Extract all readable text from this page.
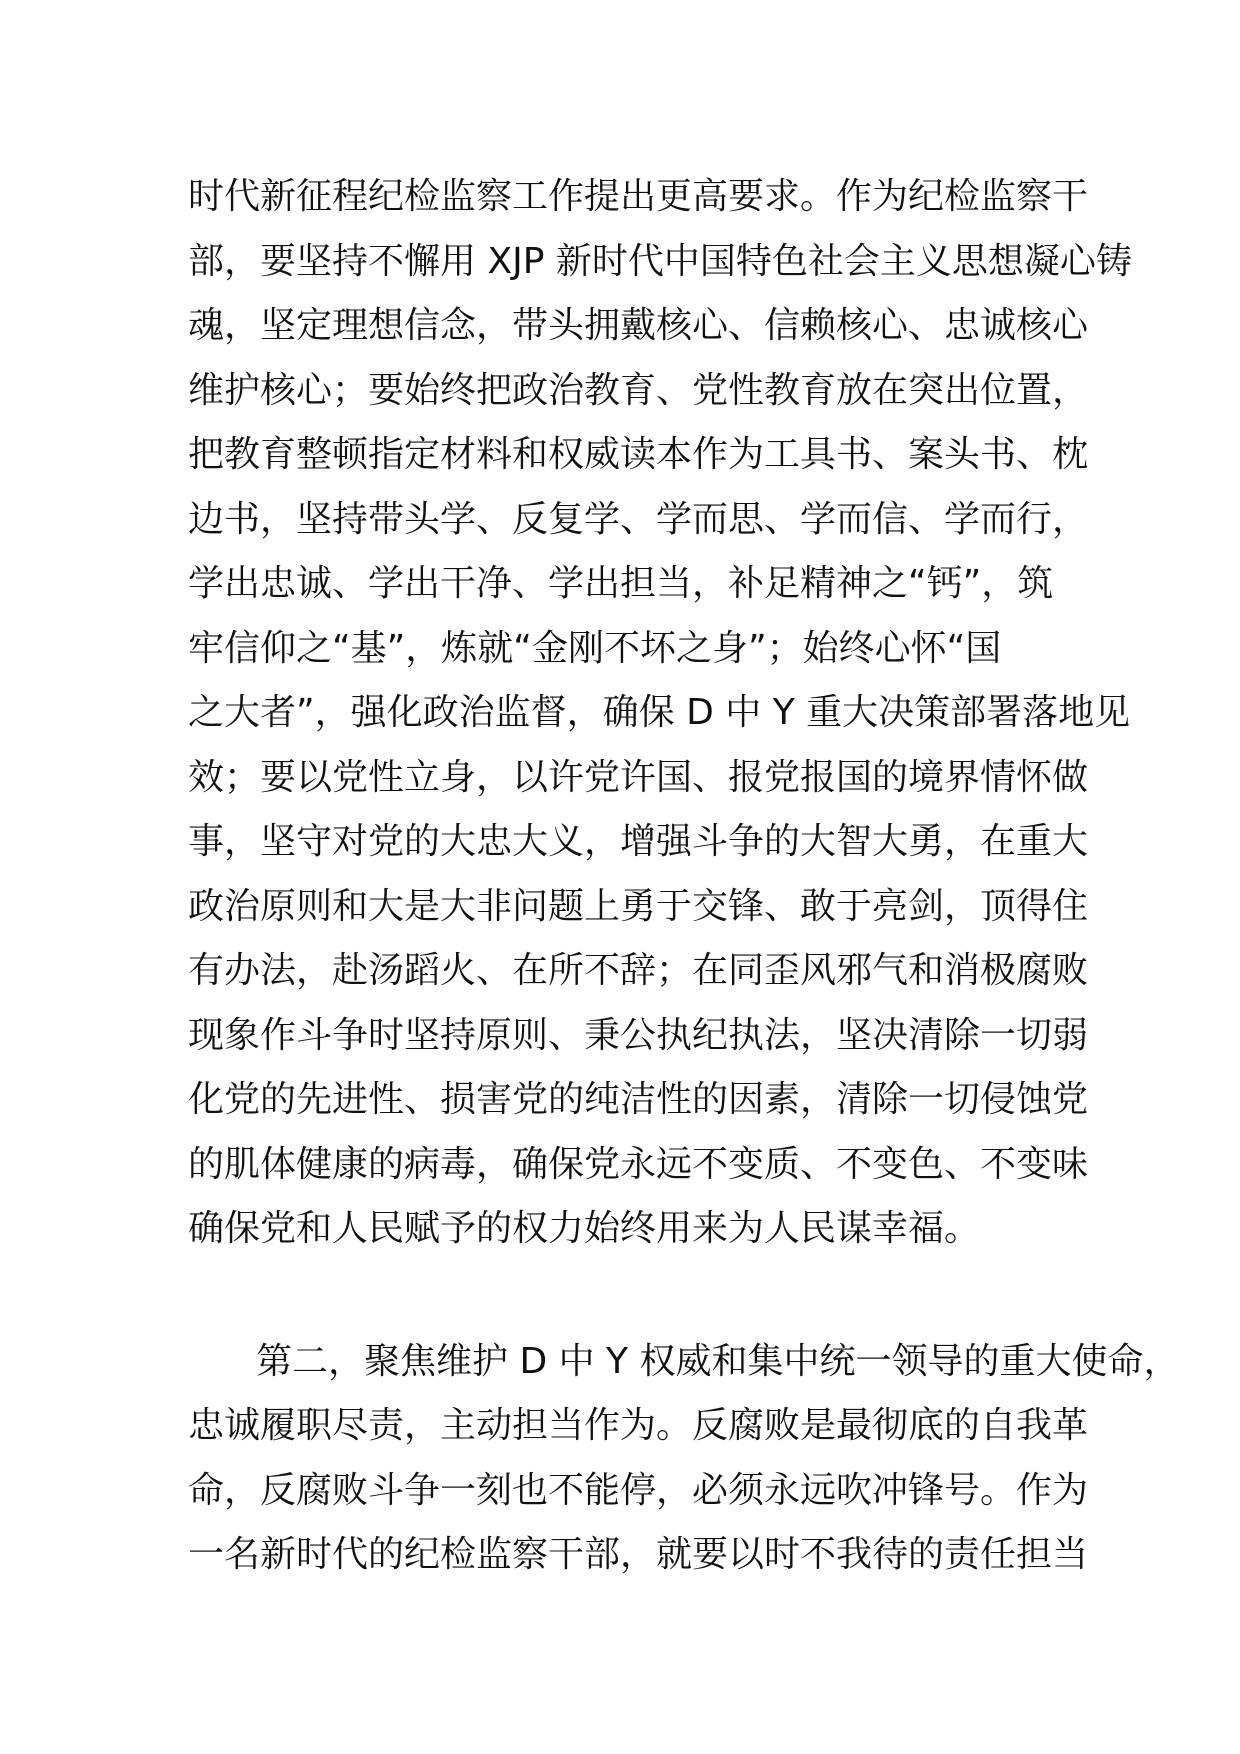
时代新征程纪检监察工作提出更高要求。作为纪检监察干
部，要坚持不懈用 XJP 新时代中国特色社会主义思想凝心铸
魂，坚定理想信念，带头拥戴核心、信赖核心、忠诚核心
维护核心；要始终把政治教育、党性教育放在突出位置，
把教育整顿指定材料和权威读本作为工具书、案头书、枕
边书，坚持带头学、反复学、学而思、学而信、学而行，
学出忠诚、学出干净、学出担当，补足精神之“钙”，筑
牢信仰之“基”，炼就“金刚不坏之身”；始终心怀“国
之大者”，强化政治监督，确保 D 中 Y 重大决策部署落地见
效；要以党性立身，以许党许国、报党报国的境界情怀做
事，坚守对党的大忠大义，增强斗争的大智大勇，在重大
政治原则和大是大非问题上勇于交锋、敢于亮剑，顶得住
有办法，赴汤蹈火、在所不辞；在同歪风邪气和消极腐败
现象作斗争时坚持原则、秉公执纪执法，坚决清除一切弱
化党的先进性、损害党的纯洁性的因素，清除一切侵蚀党
的肌体健康的病毒，确保党永远不变质、不变色、不变味
确保党和人民赋予的权力始终用来为人民谋幸福。
第二，聚焦维护 D 中 Y 权威和集中统一领导的重大使命，
忠诚履职尽责，主动担当作为。反腐败是最彻底的自我革
命，反腐败斗争一刻也不能停，必须永远吹冲锋号。作为
一名新时代的纪检监察干部，就要以时不我待的责任担当
